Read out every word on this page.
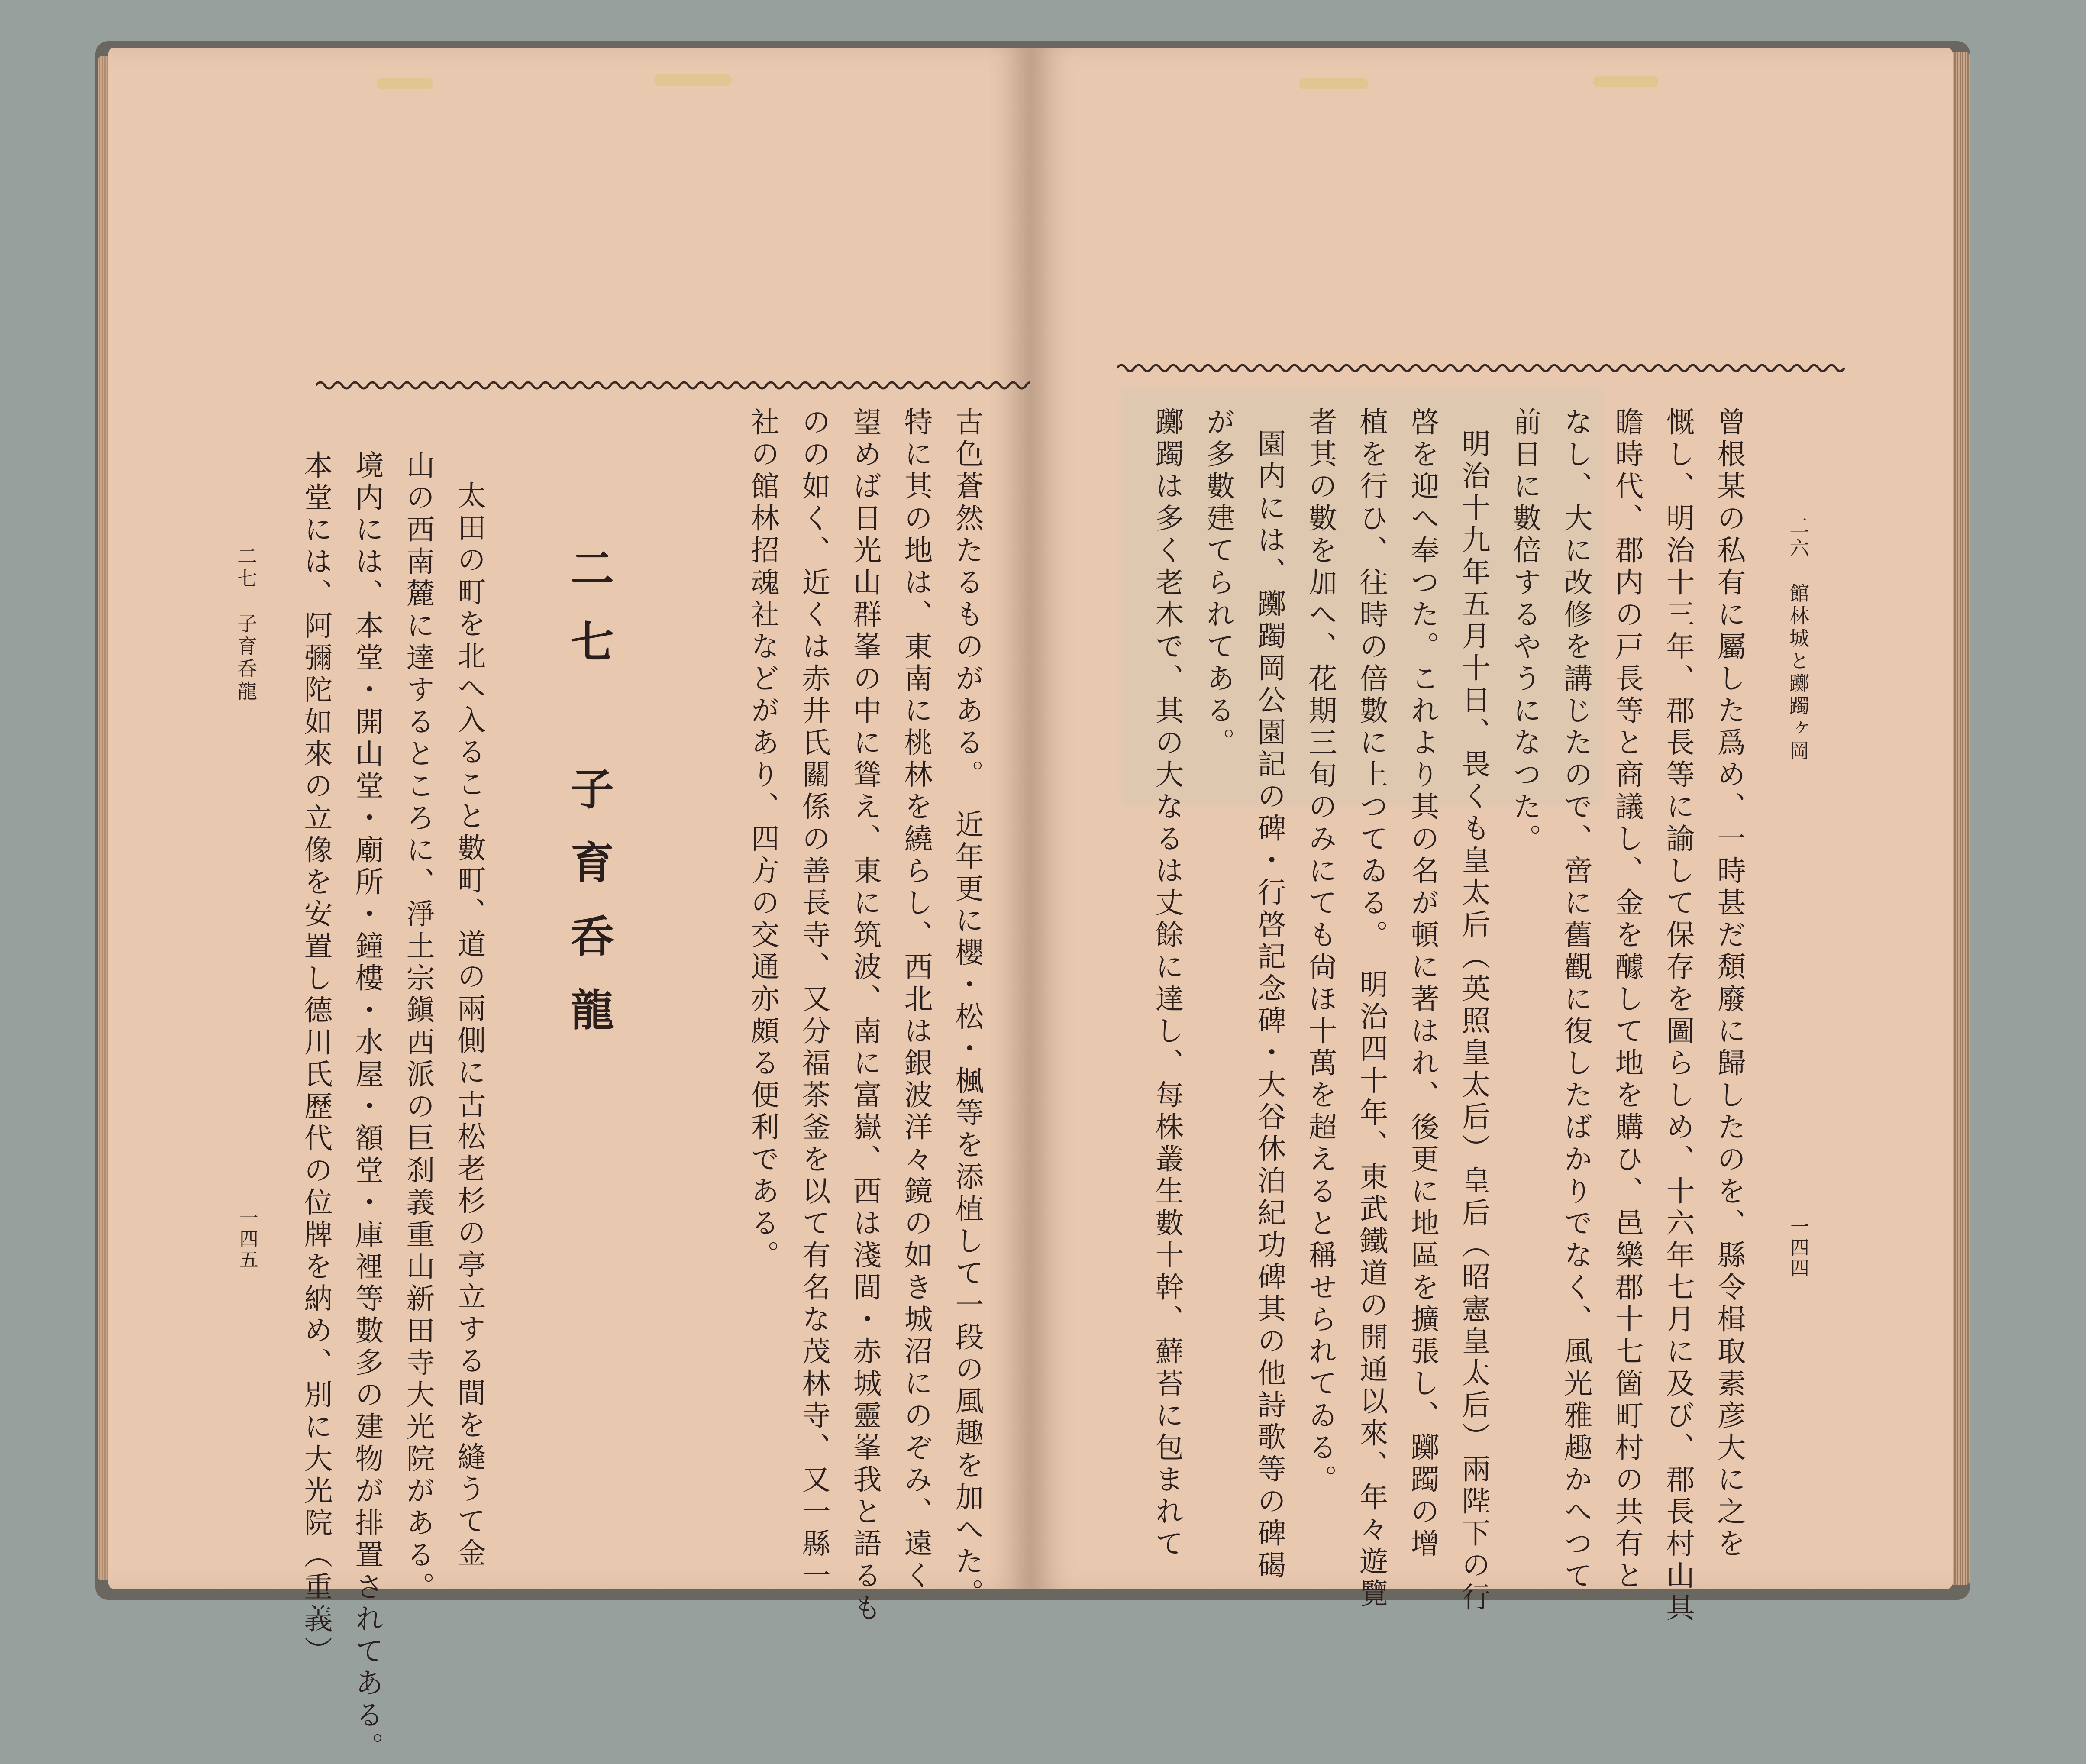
古色蒼然たるものがある。　近年更に櫻・松・楓等を添植して一段の風趣を加へた。

特に其の地は、東南に桃林を繞らし、西北は銀波洋々鏡の如き城沼にのぞみ、遠く

望めば日光山群峯の中に聳え、東に筑波、南に富嶽、西は淺間・赤城靈峯我と語るも

のの如く、近くは赤井氏關係の善長寺、又分福茶釜を以て有名な茂林寺、又一縣一

社の館林招魂社などがあり、四方の交通亦頗る便利である。

二七　子育呑龍

太田の町を北へ入ること數町、道の兩側に古松老杉の亭立する間を縫うて金

山の西南麓に達するところに、淨土宗鎭西派の巨刹義重山新田寺大光院がある。

境内には、本堂・開山堂・廟所・鐘樓・水屋・額堂・庫裡等數多の建物が排置されてある。

本堂には、阿彌陀如來の立像を安置し德川氏歷代の位牌を納め、別に大光院（重義）

二七　子育呑龍

一四五

二六　館林城と躑躅ヶ岡

一四四

曾根某の私有に屬した爲め、一時甚だ頽廢に歸したのを、縣令楫取素彦大に之を

慨し、明治十三年、郡長等に諭して保存を圖らしめ、十六年七月に及び、郡長村山具

瞻時代、郡内の戸長等と商議し、金を醵して地を購ひ、邑樂郡十七箇町村の共有と

なし、大に改修を講じたので、啻に舊觀に復したばかりでなく、風光雅趣かへつて

前日に數倍するやうになつた。

明治十九年五月十日、畏くも皇太后（英照皇太后）皇后（昭憲皇太后）兩陛下の行

啓を迎へ奉つた。これより其の名が頓に著はれ、後更に地區を擴張し、躑躅の增

植を行ひ、往時の倍數に上つてゐる。　明治四十年、東武鐵道の開通以來、年々遊覽

者其の數を加へ、花期三旬のみにても尙ほ十萬を超えると稱せられてゐる。

園内には、躑躅岡公園記の碑・行啓記念碑・大谷休泊紀功碑其の他詩歌等の碑碣

が多數建てられてある。

躑躅は多く老木で、其の大なるは丈餘に達し、每株叢生數十幹、蘚苔に包まれて
